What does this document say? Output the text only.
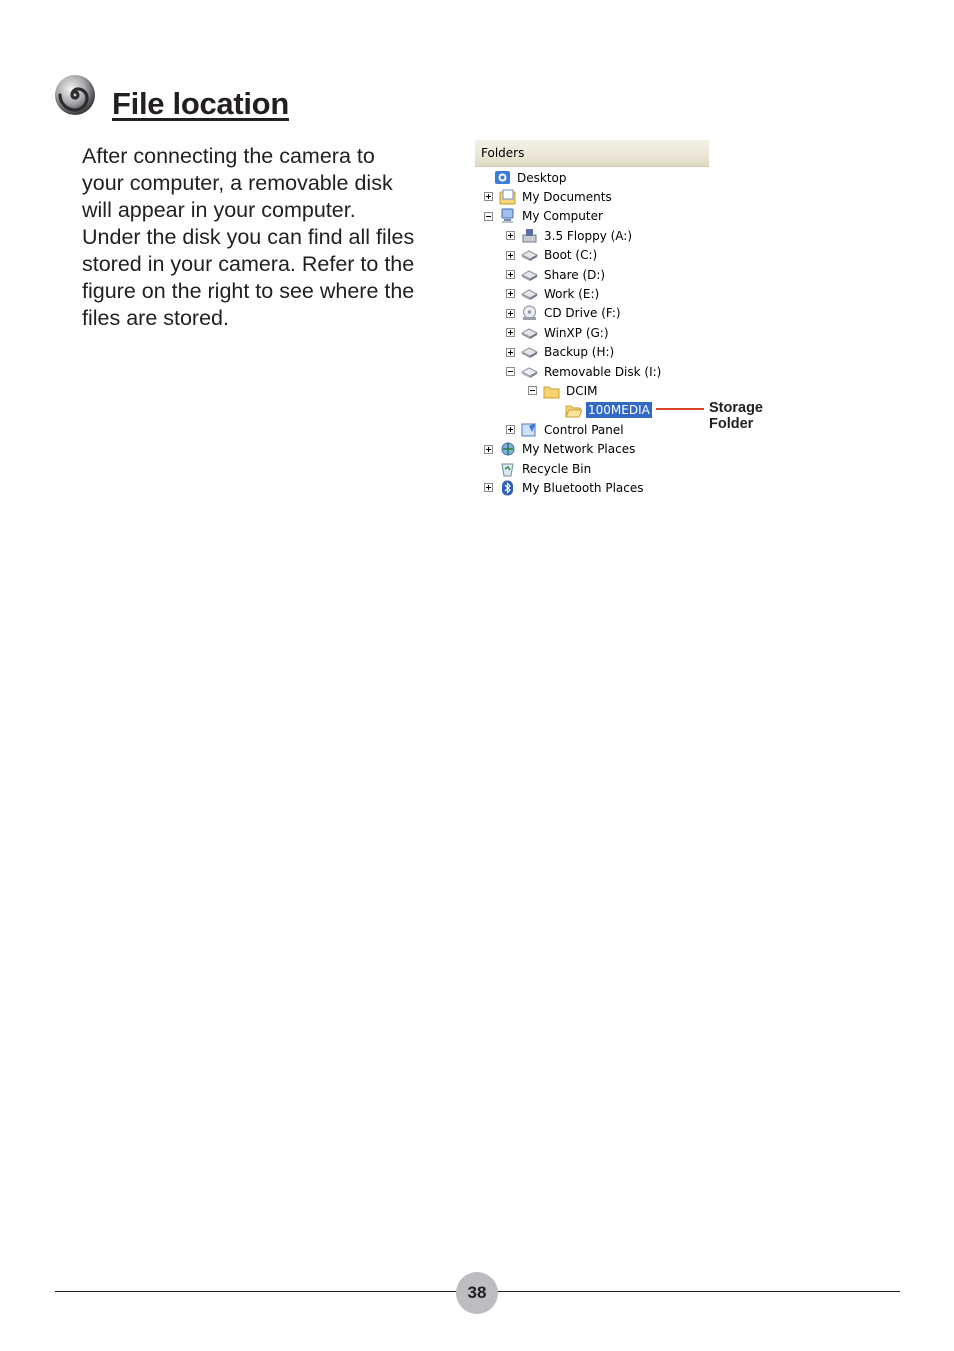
File location

After connecting the camera to
your computer, a removable disk
will appear in your computer.
Under the disk you can find all files
stored in your camera. Refer to the
figure on the right to see where the
files are stored.

Folders
Desktop
My Documents
My Computer
3.5 Floppy (A:)
Boot (C:)
Share (D:)
Work (E:)
CD Drive (F:)
WinXP (G:)
Backup (H:)
Removable Disk (I:)
DCIM
100MEDIA
Control Panel
My Network Places
Recycle Bin
My Bluetooth Places
Storage
Folder
38
